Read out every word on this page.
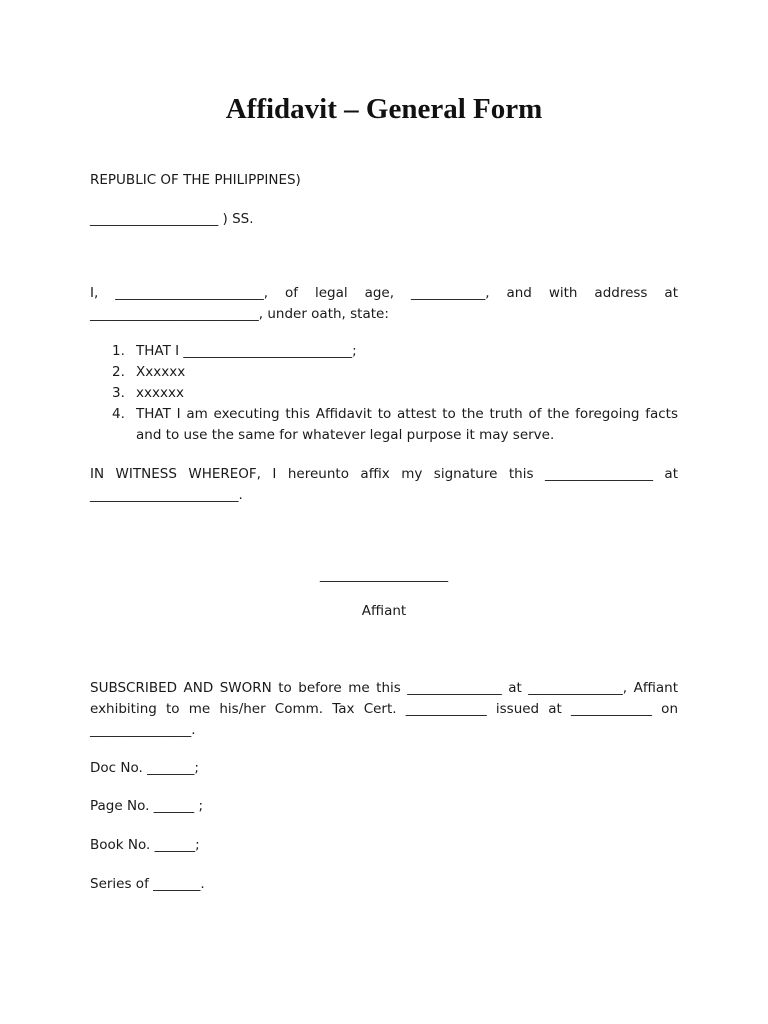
Affidavit – General Form
REPUBLIC OF THE PHILIPPINES)
___________________ ) SS.
I, ______________________, of legal age, ___________, and with address at
_________________________, under oath, state:
1. THAT I _________________________;
2. Xxxxxx
3. xxxxxx
4. THAT I am executing this Affidavit to attest to the truth of the foregoing facts and to use the same for whatever legal purpose it may serve.
IN WITNESS WHEREOF, I hereunto affix my signature this ________________ at
______________________.
___________________
Affiant
SUBSCRIBED AND SWORN to before me this ______________ at ______________, Affiant
exhibiting to me his/her Comm. Tax Cert. ____________ issued at ____________ on
_______________.
Doc No. _______;
Page No. ______ ;
Book No. ______;
Series of _______.
